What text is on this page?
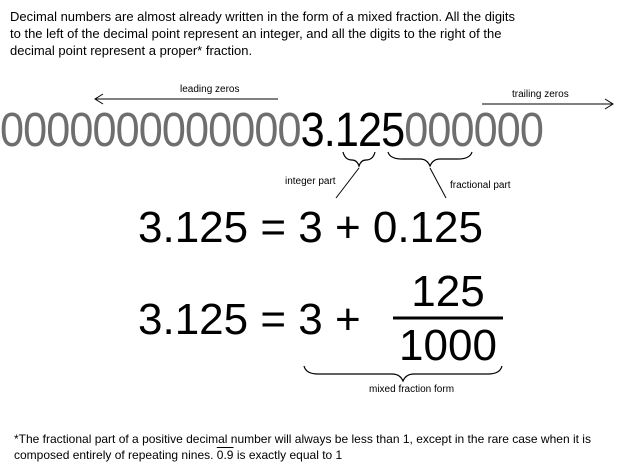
Decimal numbers are almost already written in the form of a mixed fraction. All the digits
to the left of the decimal point represent an integer, and all the digits to the right of the
decimal point represent a proper* fraction.
leading zeros	trailing zeros
00000000000003.125000000
integer part	fractional part
3.125 = 3 + 0.125
3.125 = 3 +
125
1000
mixed fraction form
*The fractional part of a positive decimal number will always be less than 1, except in the rare case when it is composed entirely of repeating nines. 0.9 is exactly equal to 1
